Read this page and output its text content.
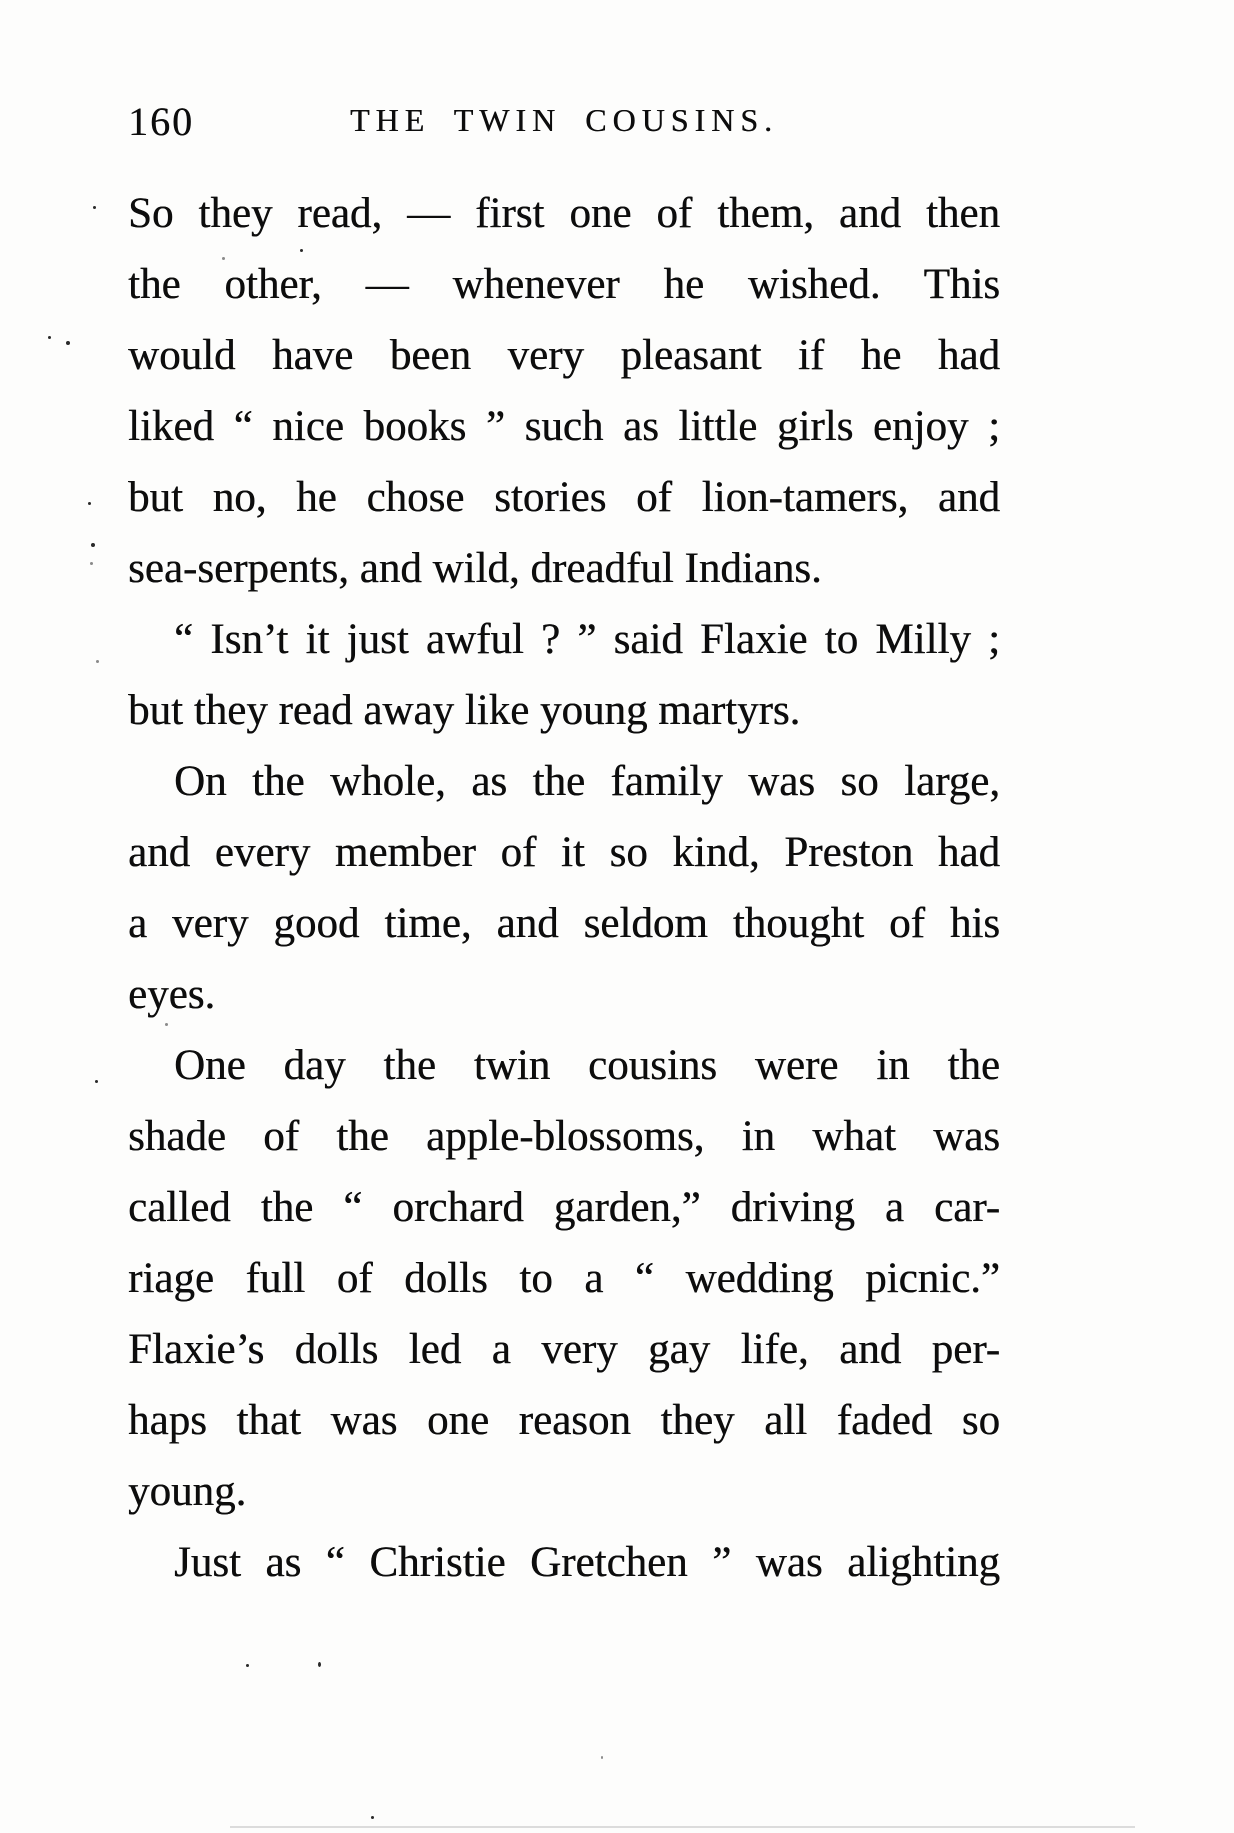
160	THE TWIN COUSINS.
So they read, — first one of them, and then
the other, — whenever he wished. This
would have been very pleasant if he had
liked “ nice books ” such as little girls enjoy ;
but no, he chose stories of lion-tamers, and
sea-serpents, and wild, dreadful Indians.
“ Isn’t it just awful ? ” said Flaxie to Milly ;
but they read away like young martyrs.
On the whole, as the family was so large,
and every member of it so kind, Preston had
a very good time, and seldom thought of his
eyes.
One day the twin cousins were in the
shade of the apple-blossoms, in what was
called the “ orchard garden,” driving a car-
riage full of dolls to a “ wedding picnic.”
Flaxie’s dolls led a very gay life, and per-
haps that was one reason they all faded so
young.
Just as “ Christie Gretchen ” was alighting
